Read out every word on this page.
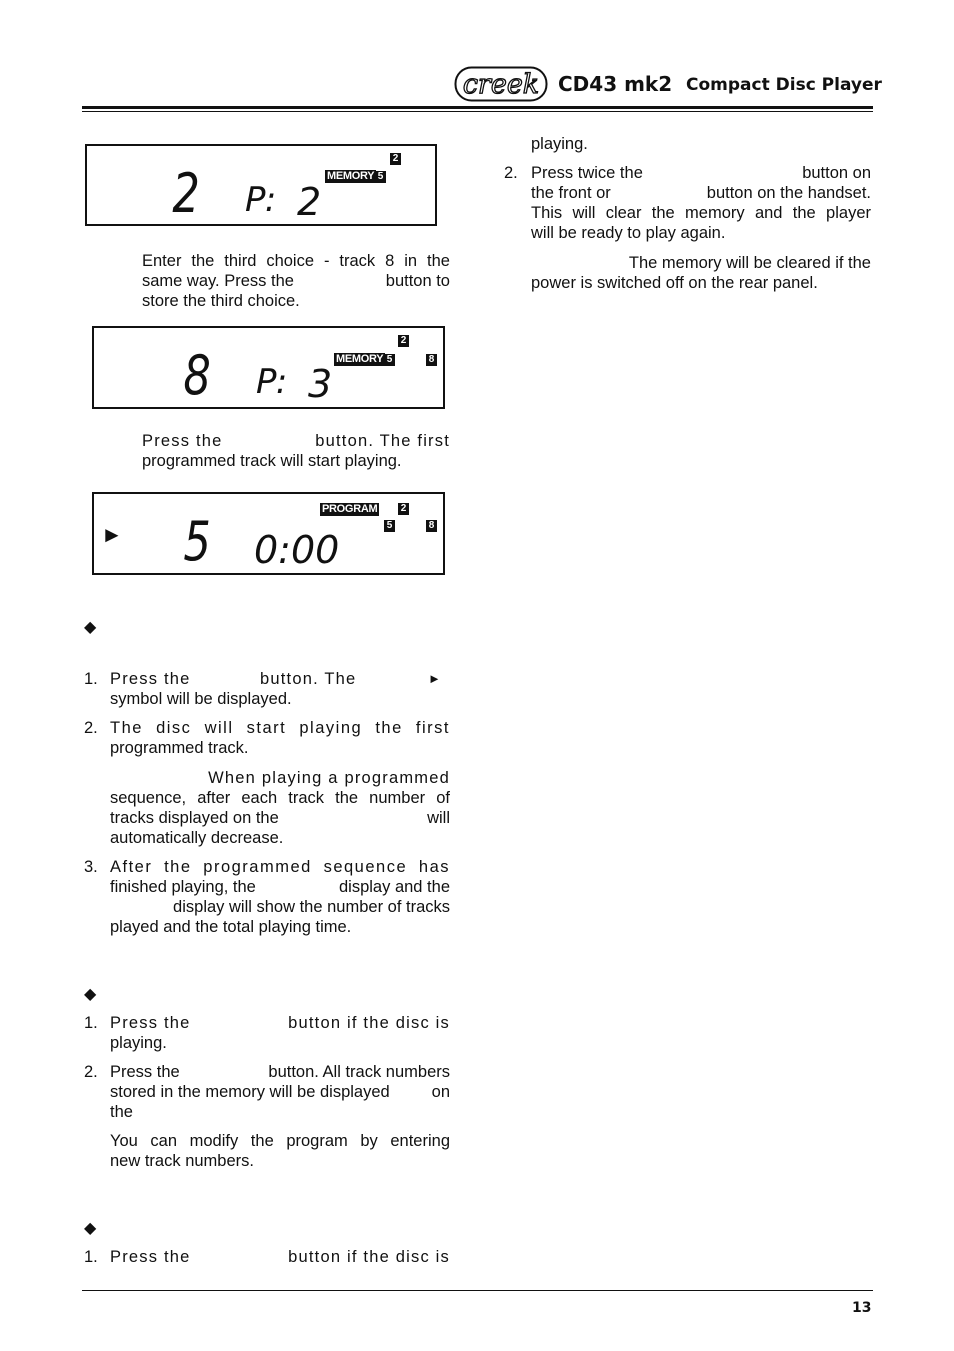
creek CD43 mk2 Compact Disc Player
2
MEMORY 5
2 P: 2
Enter the third choice - track 8 in the
same way. Press the	button to
store the third choice.
2
MEMORY 5	8
8 P: 3
Press the	button. The first
programmed track will start playing.
PROGRAM 2
5	8
► 5 0:00
◆
1. Press the	button. The	►
symbol will be displayed.
2. The disc will start playing the first
programmed track.
When playing a programmed
sequence, after each track the number of
tracks displayed on the	will
automatically decrease.
3. After the programmed sequence has
finished playing, the	display and the
display will show the number of tracks
played and the total playing time.
◆
1. Press the	button if the disc is
playing.
2. Press the	button. All track numbers
stored in the memory will be displayed	on
the
You can modify the program by entering
new track numbers.
◆
1. Press the	button if the disc is
playing.
2. Press twice the	button on
the front or	button on the handset.
This will clear the memory and the player
will be ready to play again.
The memory will be cleared if the
power is switched off on the rear panel.
13
